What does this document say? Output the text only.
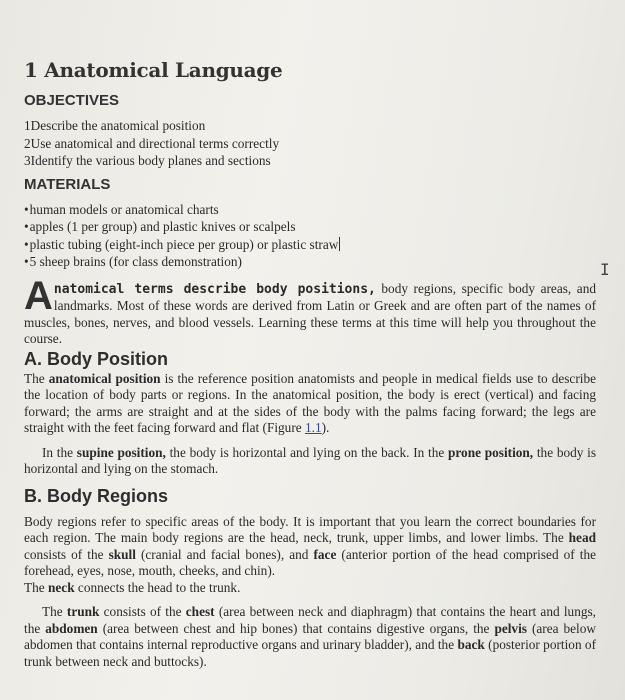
1 Anatomical Language
OBJECTIVES
1Describe the anatomical position
2Use anatomical and directional terms correctly
3Identify the various body planes and sections
MATERIALS
•human models or anatomical charts
•apples (1 per group) and plastic knives or scalpels
•plastic tubing (eight-inch piece per group) or plastic straw
•5 sheep brains (for class demonstration)

Anatomical terms describe body positions, body regions, specific body areas, and landmarks. Most of these words are derived from Latin or Greek and are often part of the names of muscles, bones, nerves, and blood vessels. Learning these terms at this time will help you throughout the course.

A. Body Position

The anatomical position is the reference position anatomists and people in medical fields use to describe the location of body parts or regions. In the anatomical position, the body is erect (vertical) and facing forward; the arms are straight and at the sides of the body with the palms facing forward; the legs are straight with the feet facing forward and flat (Figure 1.1).

In the supine position, the body is horizontal and lying on the back. In the prone position, the body is horizontal and lying on the stomach.

B. Body Regions

Body regions refer to specific areas of the body. It is important that you learn the correct boundaries for each region. The main body regions are the head, neck, trunk, upper limbs, and lower limbs. The head consists of the skull (cranial and facial bones), and face (anterior portion of the head comprised of the forehead, eyes, nose, mouth, cheeks, and chin).
The neck connects the head to the trunk.

The trunk consists of the chest (area between neck and diaphragm) that contains the heart and lungs, the abdomen (area between chest and hip bones) that contains digestive organs, the pelvis (area below abdomen that contains internal reproductive organs and urinary bladder), and the back (posterior portion of trunk between neck and buttocks).

I
